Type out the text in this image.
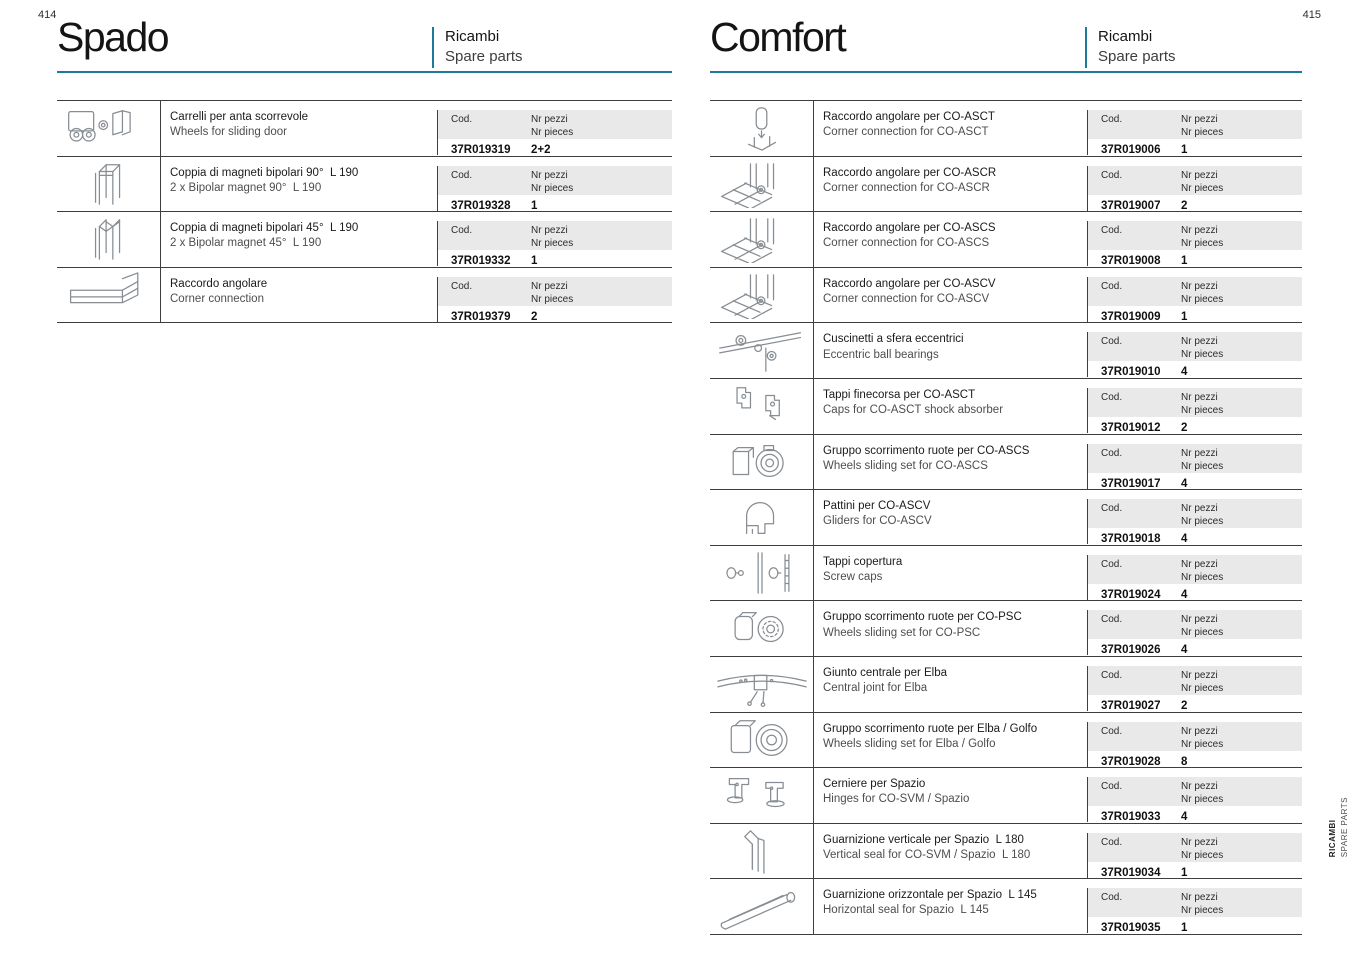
414	415
Spado	Ricambi
Spare parts
Carrelli per anta scorrevole
Wheels for sliding door
Cod.	Nr pezzi
Nr pieces
37R019319	2+2
Coppia di magneti bipolari 90°  L 190
2 x Bipolar magnet 90°  L 190
Cod.	Nr pezzi
Nr pieces
37R019328	1
Coppia di magneti bipolari 45°  L 190
2 x Bipolar magnet 45°  L 190
Cod.	Nr pezzi
Nr pieces
37R019332	1
Raccordo angolare
Corner connection
Cod.	Nr pezzi
Nr pieces
37R019379	2
Comfort	Ricambi
Spare parts
Raccordo angolare per CO-ASCT
Corner connection for CO-ASCT
Cod.	Nr pezzi
Nr pieces
37R019006	1
Raccordo angolare per CO-ASCR
Corner connection for CO-ASCR
Cod.	Nr pezzi
Nr pieces
37R019007	2
Raccordo angolare per CO-ASCS
Corner connection for CO-ASCS
Cod.	Nr pezzi
Nr pieces
37R019008	1
Raccordo angolare per CO-ASCV
Corner connection for CO-ASCV
Cod.	Nr pezzi
Nr pieces
37R019009	1
Cuscinetti a sfera eccentrici
Eccentric ball bearings
Cod.	Nr pezzi
Nr pieces
37R019010	4
Tappi finecorsa per CO-ASCT
Caps for CO-ASCT shock absorber
Cod.	Nr pezzi
Nr pieces
37R019012	2
Gruppo scorrimento ruote per CO-ASCS
Wheels sliding set for CO-ASCS
Cod.	Nr pezzi
Nr pieces
37R019017	4
Pattini per CO-ASCV
Gliders for CO-ASCV
Cod.	Nr pezzi
Nr pieces
37R019018	4
Tappi copertura
Screw caps
Cod.	Nr pezzi
Nr pieces
37R019024	4
Gruppo scorrimento ruote per CO-PSC
Wheels sliding set for CO-PSC
Cod.	Nr pezzi
Nr pieces
37R019026	4
Giunto centrale per Elba
Central joint for Elba
Cod.	Nr pezzi
Nr pieces
37R019027	2
Gruppo scorrimento ruote per Elba / Golfo
Wheels sliding set for Elba / Golfo
Cod.	Nr pezzi
Nr pieces
37R019028	8
Cerniere per Spazio
Hinges for CO-SVM / Spazio
Cod.	Nr pezzi
Nr pieces
37R019033	4
Guarnizione verticale per Spazio  L 180
Vertical seal for CO-SVM / Spazio  L 180
Cod.	Nr pezzi
Nr pieces
37R019034	1
Guarnizione orizzontale per Spazio  L 145
Horizontal seal for Spazio  L 145
Cod.	Nr pezzi
Nr pieces
37R019035	1
RICAMBI SPARE PARTS
